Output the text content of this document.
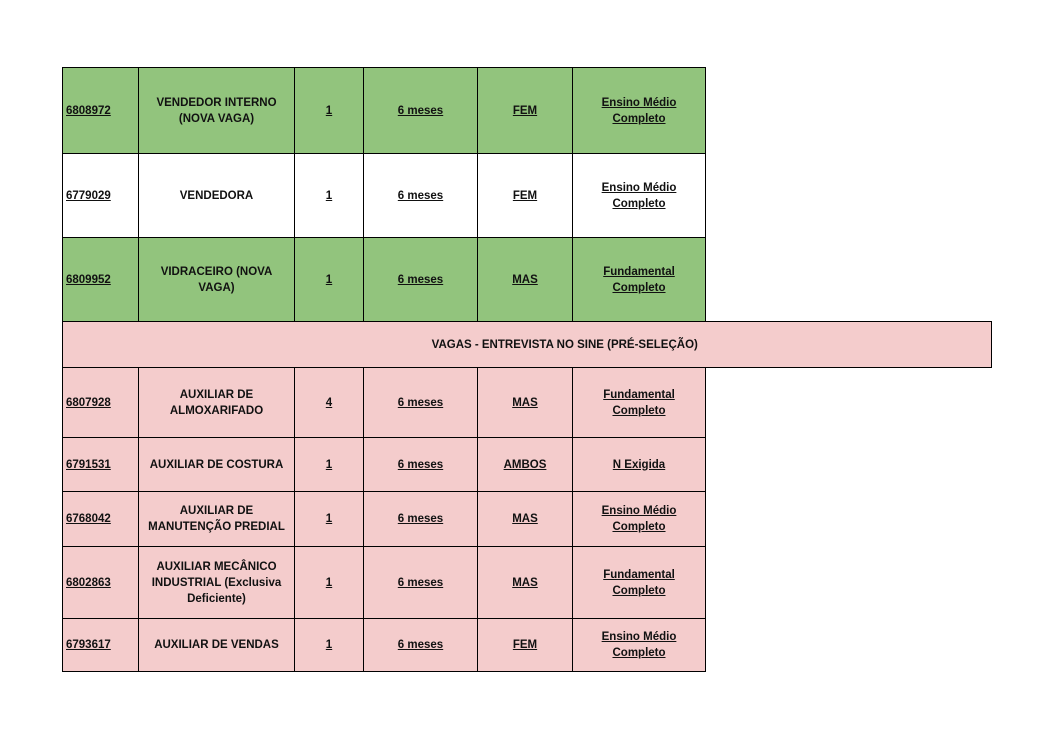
6808972	VENDEDOR INTERNO (NOVA VAGA)	1	6 meses	FEM	Ensino Médio Completo
6779029	VENDEDORA	1	6 meses	FEM	Ensino Médio Completo
6809952	VIDRACEIRO (NOVA VAGA)	1	6 meses	MAS	Fundamental Completo
	VAGAS - ENTREVISTA NO SINE (PRÉ-SELEÇÃO)				
6807928	AUXILIAR DE ALMOXARIFADO	4	6 meses	MAS	Fundamental Completo
6791531	AUXILIAR DE COSTURA	1	6 meses	AMBOS	N Exigida
6768042	AUXILIAR DE MANUTENÇÃO PREDIAL	1	6 meses	MAS	Ensino Médio Completo
6802863	AUXILIAR MECÂNICO INDUSTRIAL (Exclusiva Deficiente)	1	6 meses	MAS	Fundamental Completo
6793617	AUXILIAR DE VENDAS	1	6 meses	FEM	Ensino Médio Completo
